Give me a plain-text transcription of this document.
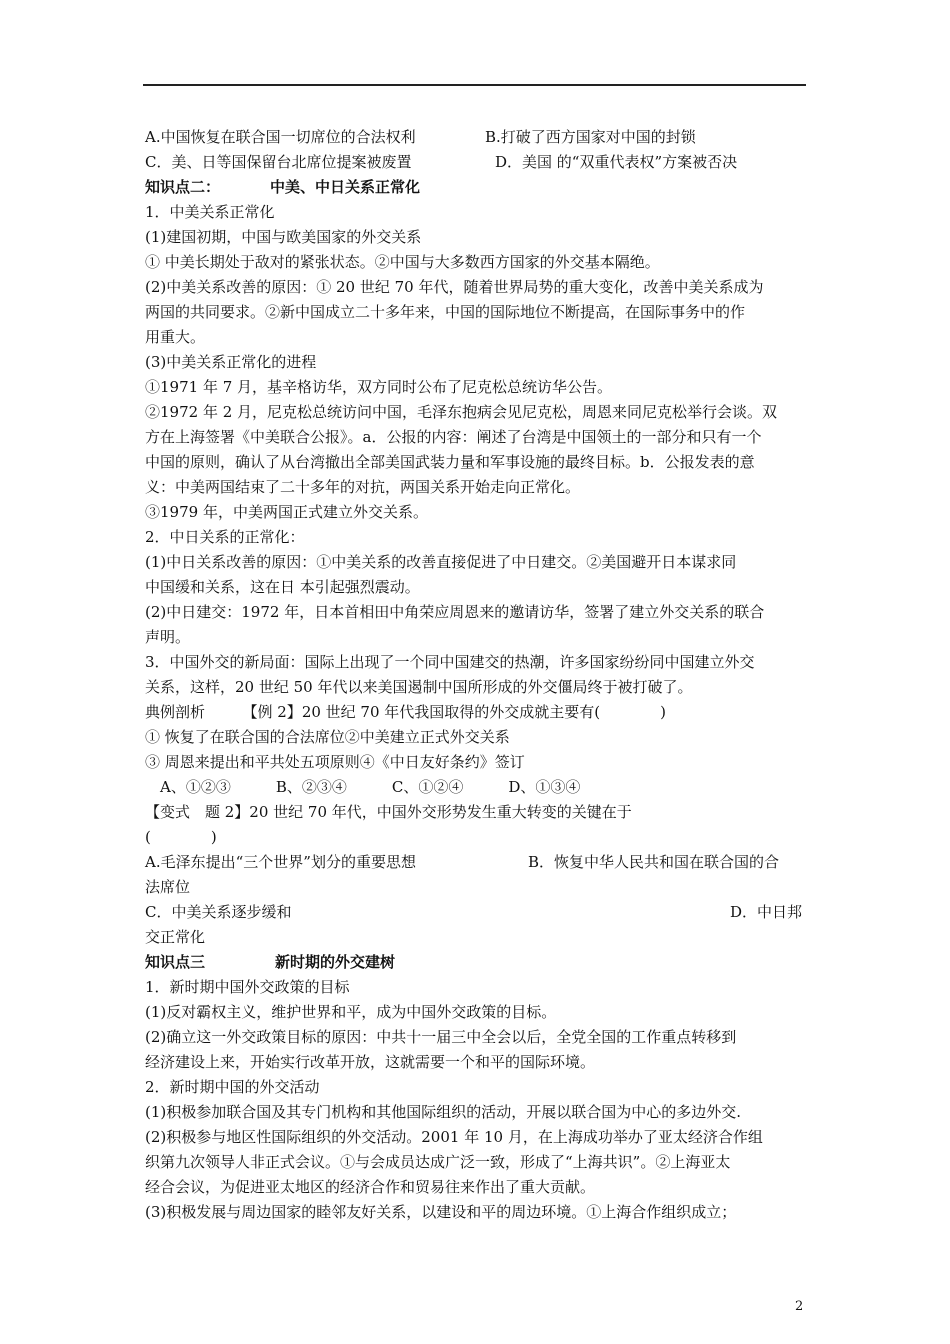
A.中国恢复在联合国一切席位的合法权利	B.打破了西方国家对中国的封锁
C．美、日等国保留台北席位提案被废置	D．美国 的“双重代表权”方案被否决
知识点二：	中美、中日关系正常化
1．中美关系正常化
(1)建国初期，中国与欧美国家的外交关系
① 中美长期处于敌对的紧张状态。②中国与大多数西方国家的外交基本隔绝。
(2)中美关系改善的原因：① 20 世纪 70 年代，随着世界局势的重大变化，改善中美关系成为
两国的共同要求。②新中国成立二十多年来，中国的国际地位不断提高，在国际事务中的作
用重大。
(3)中美关系正常化的进程
①1971 年 7 月，基辛格访华，双方同时公布了尼克松总统访华公告。
②1972 年 2 月，尼克松总统访问中国，毛泽东抱病会见尼克松，周恩来同尼克松举行会谈。双
方在上海签署《中美联合公报》。a．公报的内容：阐述了台湾是中国领土的一部分和只有一个
中国的原则，确认了从台湾撤出全部美国武装力量和军事设施的最终目标。b．公报发表的意
义：中美两国结束了二十多年的对抗，两国关系开始走向正常化。
③1979 年，中美两国正式建立外交关系。
2．中日关系的正常化：
(1)中日关系改善的原因：①中美关系的改善直接促进了中日建交。②美国避开日本谋求同
中国缓和关系，这在日 本引起强烈震动。
(2)中日建交：1972 年，日本首相田中角荣应周恩来的邀请访华，签署了建立外交关系的联合
声明。
3．中国外交的新局面：国际上出现了一个同中国建交的热潮，许多国家纷纷同中国建立外交
关系，这样，20 世纪 50 年代以来美国遏制中国所形成的外交僵局终于被打破了。
典例剖析　　　【例 2】20 世纪 70 年代我国取得的外交成就主要有(　　　　)
① 恢复了在联合国的合法席位②中美建立正式外交关系
③ 周恩来提出和平共处五项原则④《中日友好条约》签订
　A、①②③　　　B、②③④　　　C、①②④　　　D、①③④
【变式　题 2】20 世纪 70 年代，中国外交形势发生重大转变的关键在于
(　　　　)
A.毛泽东提出“三个世界”划分的重要思想	B．恢复中华人民共和国在联合国的合
法席位
C．中美关系逐步缓和	D．中日邦
交正常化
知识点三	新时期的外交建树
1．新时期中国外交政策的目标
(1)反对霸权主义，维护世界和平，成为中国外交政策的目标。
(2)确立这一外交政策目标的原因：中共十一届三中全会以后，全党全国的工作重点转移到
经济建设上来，开始实行改革开放，这就需要一个和平的国际环境。
2．新时期中国的外交活动
(1)积极参加联合国及其专门机构和其他国际组织的活动，开展以联合国为中心的多边外交.
(2)积极参与地区性国际组织的外交活动。2001 年 10 月，在上海成功举办了亚太经济合作组
织第九次领导人非正式会议。①与会成员达成广泛一致，形成了“上海共识”。②上海亚太
经合会议，为促进亚太地区的经济合作和贸易往来作出了重大贡献。
(3)积极发展与周边国家的睦邻友好关系，以建设和平的周边环境。①上海合作组织成立；
2
